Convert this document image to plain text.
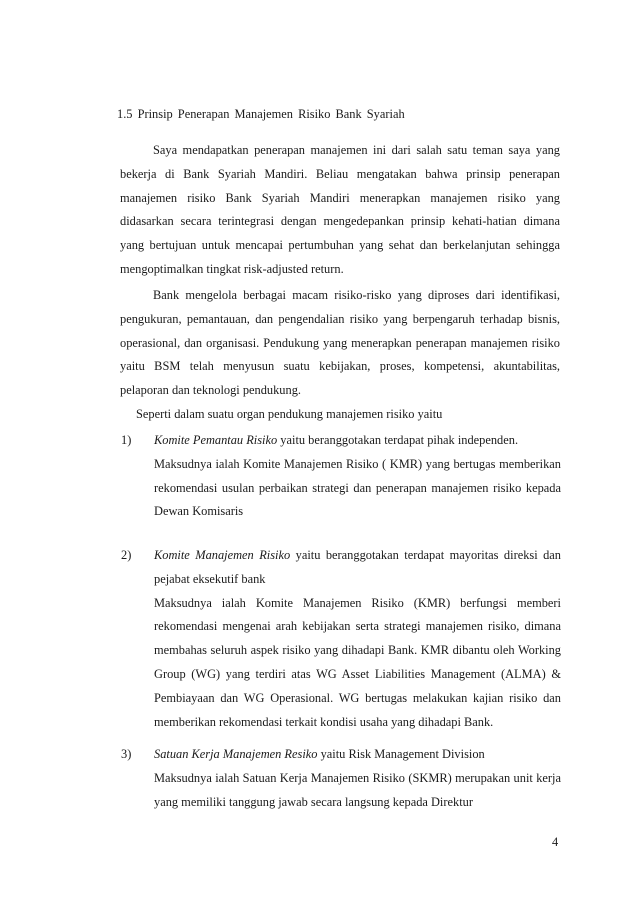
1.5 Prinsip Penerapan Manajemen Risiko Bank Syariah

Saya mendapatkan penerapan manajemen ini dari salah satu teman saya yang bekerja di Bank Syariah Mandiri. Beliau mengatakan bahwa prinsip penerapan manajemen risiko Bank Syariah Mandiri menerapkan manajemen risiko yang didasarkan secara terintegrasi dengan mengedepankan prinsip kehati-hatian dimana yang bertujuan untuk mencapai pertumbuhan yang sehat dan berkelanjutan sehingga mengoptimalkan tingkat risk-adjusted return.

Bank mengelola berbagai macam risiko-risko yang diproses dari identifikasi, pengukuran, pemantauan, dan pengendalian risiko yang berpengaruh terhadap bisnis, operasional, dan organisasi. Pendukung yang menerapkan penerapan manajemen risiko yaitu BSM telah menyusun suatu kebijakan, proses, kompetensi, akuntabilitas, pelaporan dan teknologi pendukung.

Seperti dalam suatu organ pendukung manajemen risiko yaitu

1) Komite Pemantau Risiko yaitu beranggotakan terdapat pihak independen.

Maksudnya ialah Komite Manajemen Risiko ( KMR) yang bertugas memberikan rekomendasi usulan perbaikan strategi dan penerapan manajemen risiko kepada Dewan Komisaris

2) Komite Manajemen Risiko yaitu beranggotakan terdapat mayoritas direksi dan pejabat eksekutif bank

Maksudnya ialah Komite Manajemen Risiko (KMR) berfungsi memberi rekomendasi mengenai arah kebijakan serta strategi manajemen risiko, dimana membahas seluruh aspek risiko yang dihadapi Bank. KMR dibantu oleh Working Group (WG) yang terdiri atas WG Asset Liabilities Management (ALMA) & Pembiayaan dan WG Operasional. WG bertugas melakukan kajian risiko dan memberikan rekomendasi terkait kondisi usaha yang dihadapi Bank.

3) Satuan Kerja Manajemen Resiko yaitu Risk Management Division

Maksudnya ialah Satuan Kerja Manajemen Risiko (SKMR) merupakan unit kerja yang memiliki tanggung jawab secara langsung kepada Direktur

4
